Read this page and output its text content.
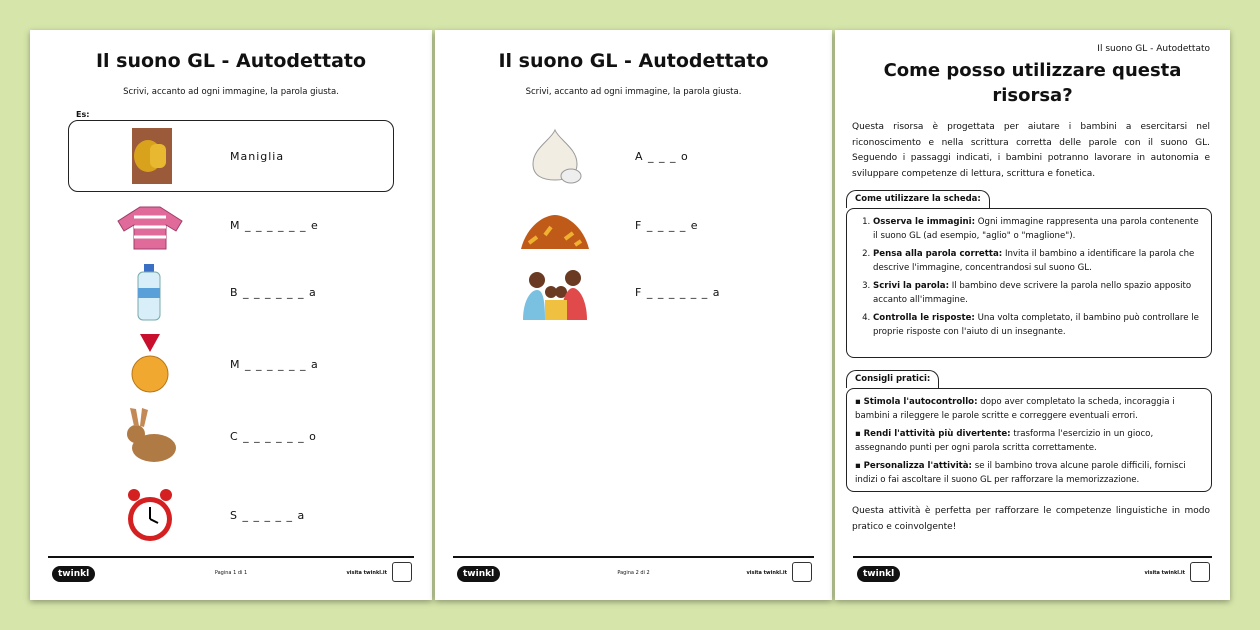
Il suono GL - Autodettato
Scrivi, accanto ad ogni immagine, la parola giusta.
Es:
Maniglia
M _ _ _ _ _ _ e
B _ _ _ _ _ _ a
M _ _ _ _ _ _ a
C _ _ _ _ _ _ o
S _ _ _ _ _ a
twinkl	Pagina 1 di 1	visita twinkl.it
Il suono GL - Autodettato
Scrivi, accanto ad ogni immagine, la parola giusta.
A _ _ _ o
F _ _ _ _ e
F _ _ _ _ _ _ a
twinkl	Pagina 2 di 2	visita twinkl.it
Il suono GL - Autodettato
Come posso utilizzare questa risorsa?
Questa risorsa è progettata per aiutare i bambini a esercitarsi nel riconoscimento e nella scrittura corretta delle parole con il suono GL. Seguendo i passaggi indicati, i bambini potranno lavorare in autonomia e sviluppare competenze di lettura, scrittura e fonetica.
Come utilizzare la scheda:
1. Osserva le immagini: Ogni immagine rappresenta una parola contenente il suono GL (ad esempio, "aglio" o "maglione").
2. Pensa alla parola corretta: Invita il bambino a identificare la parola che descrive l'immagine, concentrandosi sul suono GL.
3. Scrivi la parola: Il bambino deve scrivere la parola nello spazio apposito accanto all'immagine.
4. Controlla le risposte: Una volta completato, il bambino può controllare le proprie risposte con l'aiuto di un insegnante.
Consigli pratici:
▪ Stimola l'autocontrollo: dopo aver completato la scheda, incoraggia i bambini a rileggere le parole scritte e correggere eventuali errori.
▪ Rendi l'attività più divertente: trasforma l'esercizio in un gioco, assegnando punti per ogni parola scritta correttamente.
▪ Personalizza l'attività: se il bambino trova alcune parole difficili, fornisci indizi o fai ascoltare il suono GL per rafforzare la memorizzazione.
Questa attività è perfetta per rafforzare le competenze linguistiche in modo pratico e coinvolgente!
twinkl	visita twinkl.it
